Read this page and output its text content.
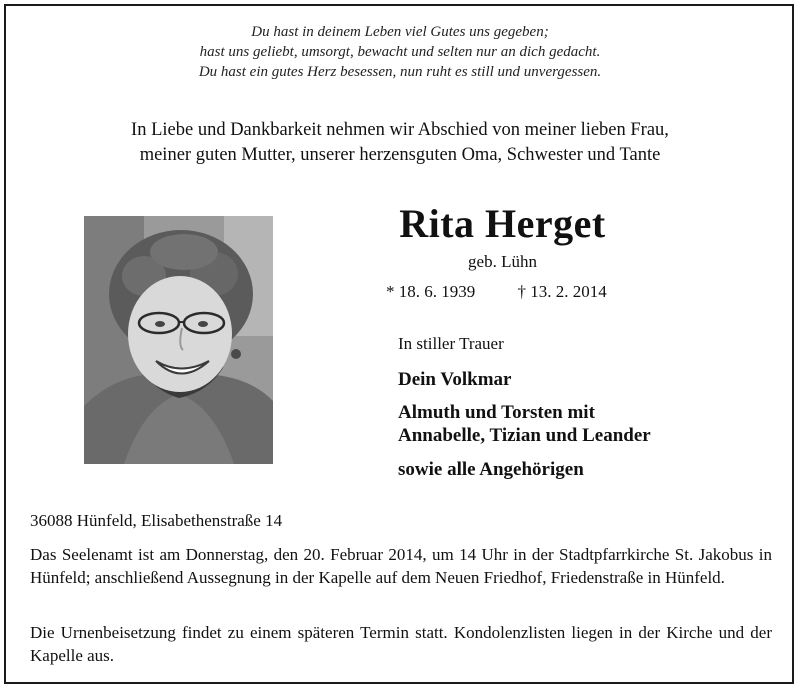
Du hast in deinem Leben viel Gutes uns gegeben;
hast uns geliebt, umsorgt, bewacht und selten nur an dich gedacht.
Du hast ein gutes Herz besessen, nun ruht es still und unvergessen.
In Liebe und Dankbarkeit nehmen wir Abschied von meiner lieben Frau,
meiner guten Mutter, unserer herzensguten Oma, Schwester und Tante
Rita Herget
geb. Lühn
* 18. 6. 1939 † 13. 2. 2014
In stiller Trauer
Dein Volkmar
Almuth und Torsten mit
Annabelle, Tizian und Leander
sowie alle Angehörigen
36088 Hünfeld, Elisabethenstraße 14
Das Seelenamt ist am Donnerstag, den 20. Februar 2014, um 14 Uhr in der Stadtpfarrkirche St. Jakobus in Hünfeld; anschließend Aussegnung in der Kapelle auf dem Neuen Friedhof, Friedenstraße in Hünfeld.
Die Urnenbeisetzung findet zu einem späteren Termin statt. Kondolenzlisten liegen in der Kirche und der Kapelle aus.
